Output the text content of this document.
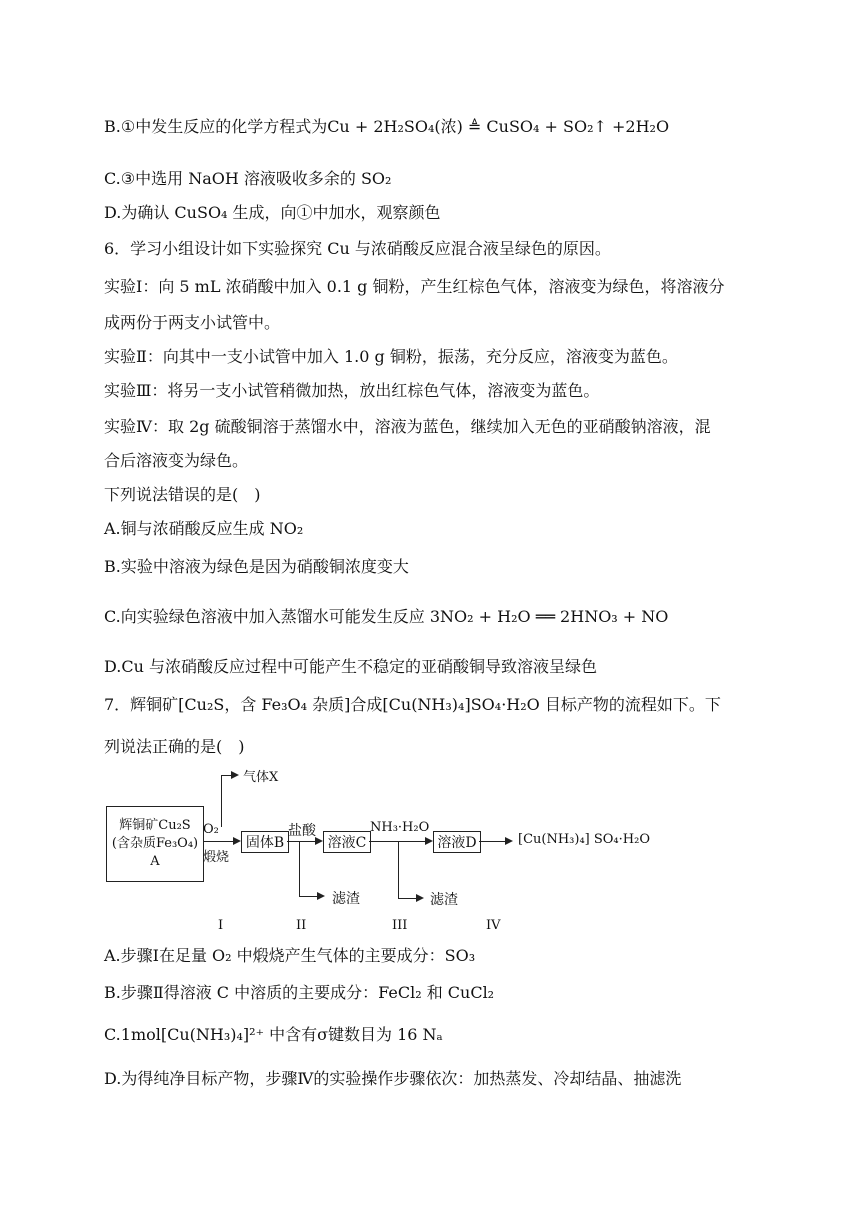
B.①中发生反应的化学方程式为Cu + 2H₂SO₄(浓) ≜ CuSO₄ + SO₂↑ +2H₂O
C.③中选用 NaOH 溶液吸收多余的 SO₂
D.为确认 CuSO₄ 生成，向①中加水，观察颜色
6．学习小组设计如下实验探究 Cu 与浓硝酸反应混合液呈绿色的原因。
实验Ⅰ：向 5 mL 浓硝酸中加入 0.1 g 铜粉，产生红棕色气体，溶液变为绿色，将溶液分
成两份于两支小试管中。
实验Ⅱ：向其中一支小试管中加入 1.0 g 铜粉，振荡，充分反应，溶液变为蓝色。
实验Ⅲ：将另一支小试管稍微加热，放出红棕色气体，溶液变为蓝色。
实验Ⅳ：取 2g 硫酸铜溶于蒸馏水中，溶液为蓝色，继续加入无色的亚硝酸钠溶液，混
合后溶液变为绿色。
下列说法错误的是(　)
A.铜与浓硝酸反应生成 NO₂
B.实验中溶液为绿色是因为硝酸铜浓度变大
C.向实验绿色溶液中加入蒸馏水可能发生反应 3NO₂ + H₂O ══ 2HNO₃ + NO
D.Cu 与浓硝酸反应过程中可能产生不稳定的亚硝酸铜导致溶液呈绿色
7．辉铜矿[Cu₂S，含 Fe₃O₄ 杂质]合成[Cu(NH₃)₄]SO₄·H₂O 目标产物的流程如下。下
列说法正确的是(　)
气体X
辉铜矿Cu₂S
(含杂质Fe₃O₄)
A
O₂
煅烧
固体B
盐酸
滤渣
溶液C
NH₃·H₂O
滤渣
溶液D	[Cu(NH₃)₄] SO₄·H₂O
I	II	III	IV
A.步骤Ⅰ在足量 O₂ 中煅烧产生气体的主要成分：SO₃
B.步骤Ⅱ得溶液 C 中溶质的主要成分：FeCl₂ 和 CuCl₂
C.1mol[Cu(NH₃)₄]²⁺ 中含有σ键数目为 16 Nₐ
D.为得纯净目标产物，步骤Ⅳ的实验操作步骤依次：加热蒸发、冷却结晶、抽滤洗
